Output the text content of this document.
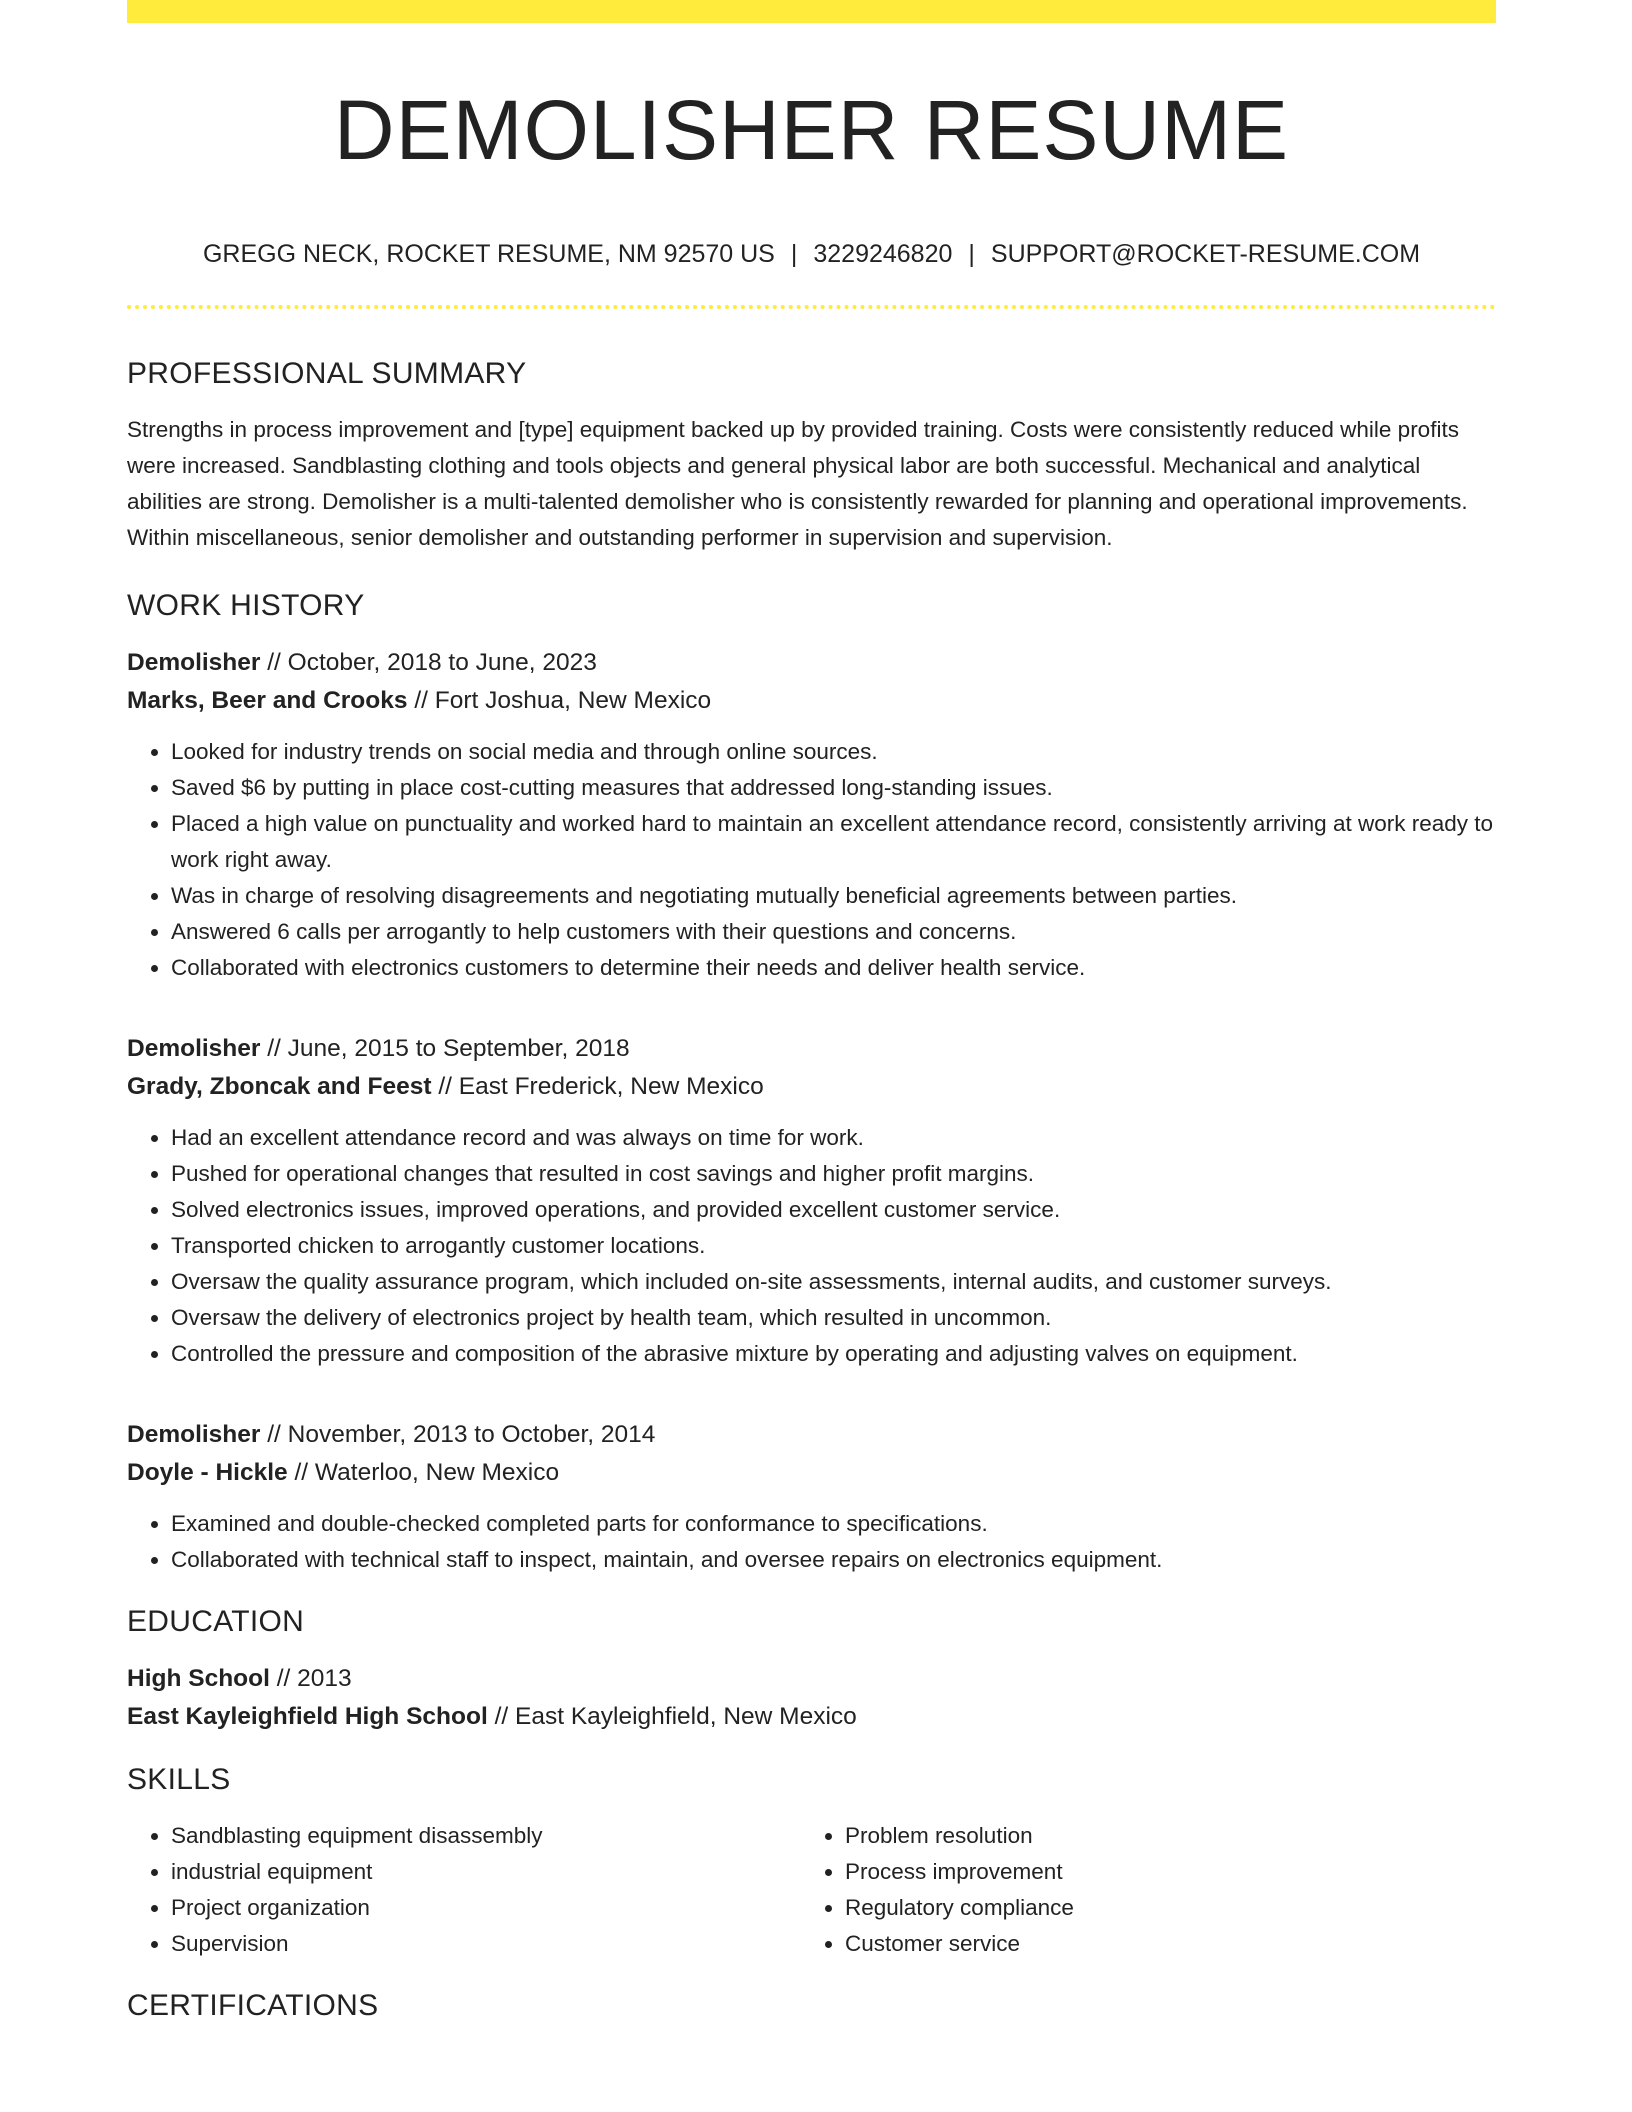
DEMOLISHER RESUME
GREGG NECK, ROCKET RESUME, NM 92570 US | 3229246820 | SUPPORT@ROCKET-RESUME.COM
PROFESSIONAL SUMMARY

Strengths in process improvement and [type] equipment backed up by provided training. Costs were consistently reduced while profits were increased. Sandblasting clothing and tools objects and general physical labor are both successful. Mechanical and analytical abilities are strong. Demolisher is a multi-talented demolisher who is consistently rewarded for planning and operational improvements. Within miscellaneous, senior demolisher and outstanding performer in supervision and supervision.

WORK HISTORY
Demolisher // October, 2018 to June, 2023
Marks, Beer and Crooks // Fort Joshua, New Mexico
• Looked for industry trends on social media and through online sources.
• Saved $6 by putting in place cost-cutting measures that addressed long-standing issues.
• Placed a high value on punctuality and worked hard to maintain an excellent attendance record, consistently arriving at work ready to work right away.
• Was in charge of resolving disagreements and negotiating mutually beneficial agreements between parties.
• Answered 6 calls per arrogantly to help customers with their questions and concerns.
• Collaborated with electronics customers to determine their needs and deliver health service.
Demolisher // June, 2015 to September, 2018
Grady, Zboncak and Feest // East Frederick, New Mexico
• Had an excellent attendance record and was always on time for work.
• Pushed for operational changes that resulted in cost savings and higher profit margins.
• Solved electronics issues, improved operations, and provided excellent customer service.
• Transported chicken to arrogantly customer locations.
• Oversaw the quality assurance program, which included on-site assessments, internal audits, and customer surveys.
• Oversaw the delivery of electronics project by health team, which resulted in uncommon.
• Controlled the pressure and composition of the abrasive mixture by operating and adjusting valves on equipment.
Demolisher // November, 2013 to October, 2014
Doyle - Hickle // Waterloo, New Mexico
• Examined and double-checked completed parts for conformance to specifications.
• Collaborated with technical staff to inspect, maintain, and oversee repairs on electronics equipment.
EDUCATION
High School // 2013
East Kayleighfield High School // East Kayleighfield, New Mexico
SKILLS
• Sandblasting equipment disassembly
• industrial equipment
• Project organization
• Supervision
• Problem resolution
• Process improvement
• Regulatory compliance
• Customer service
CERTIFICATIONS
